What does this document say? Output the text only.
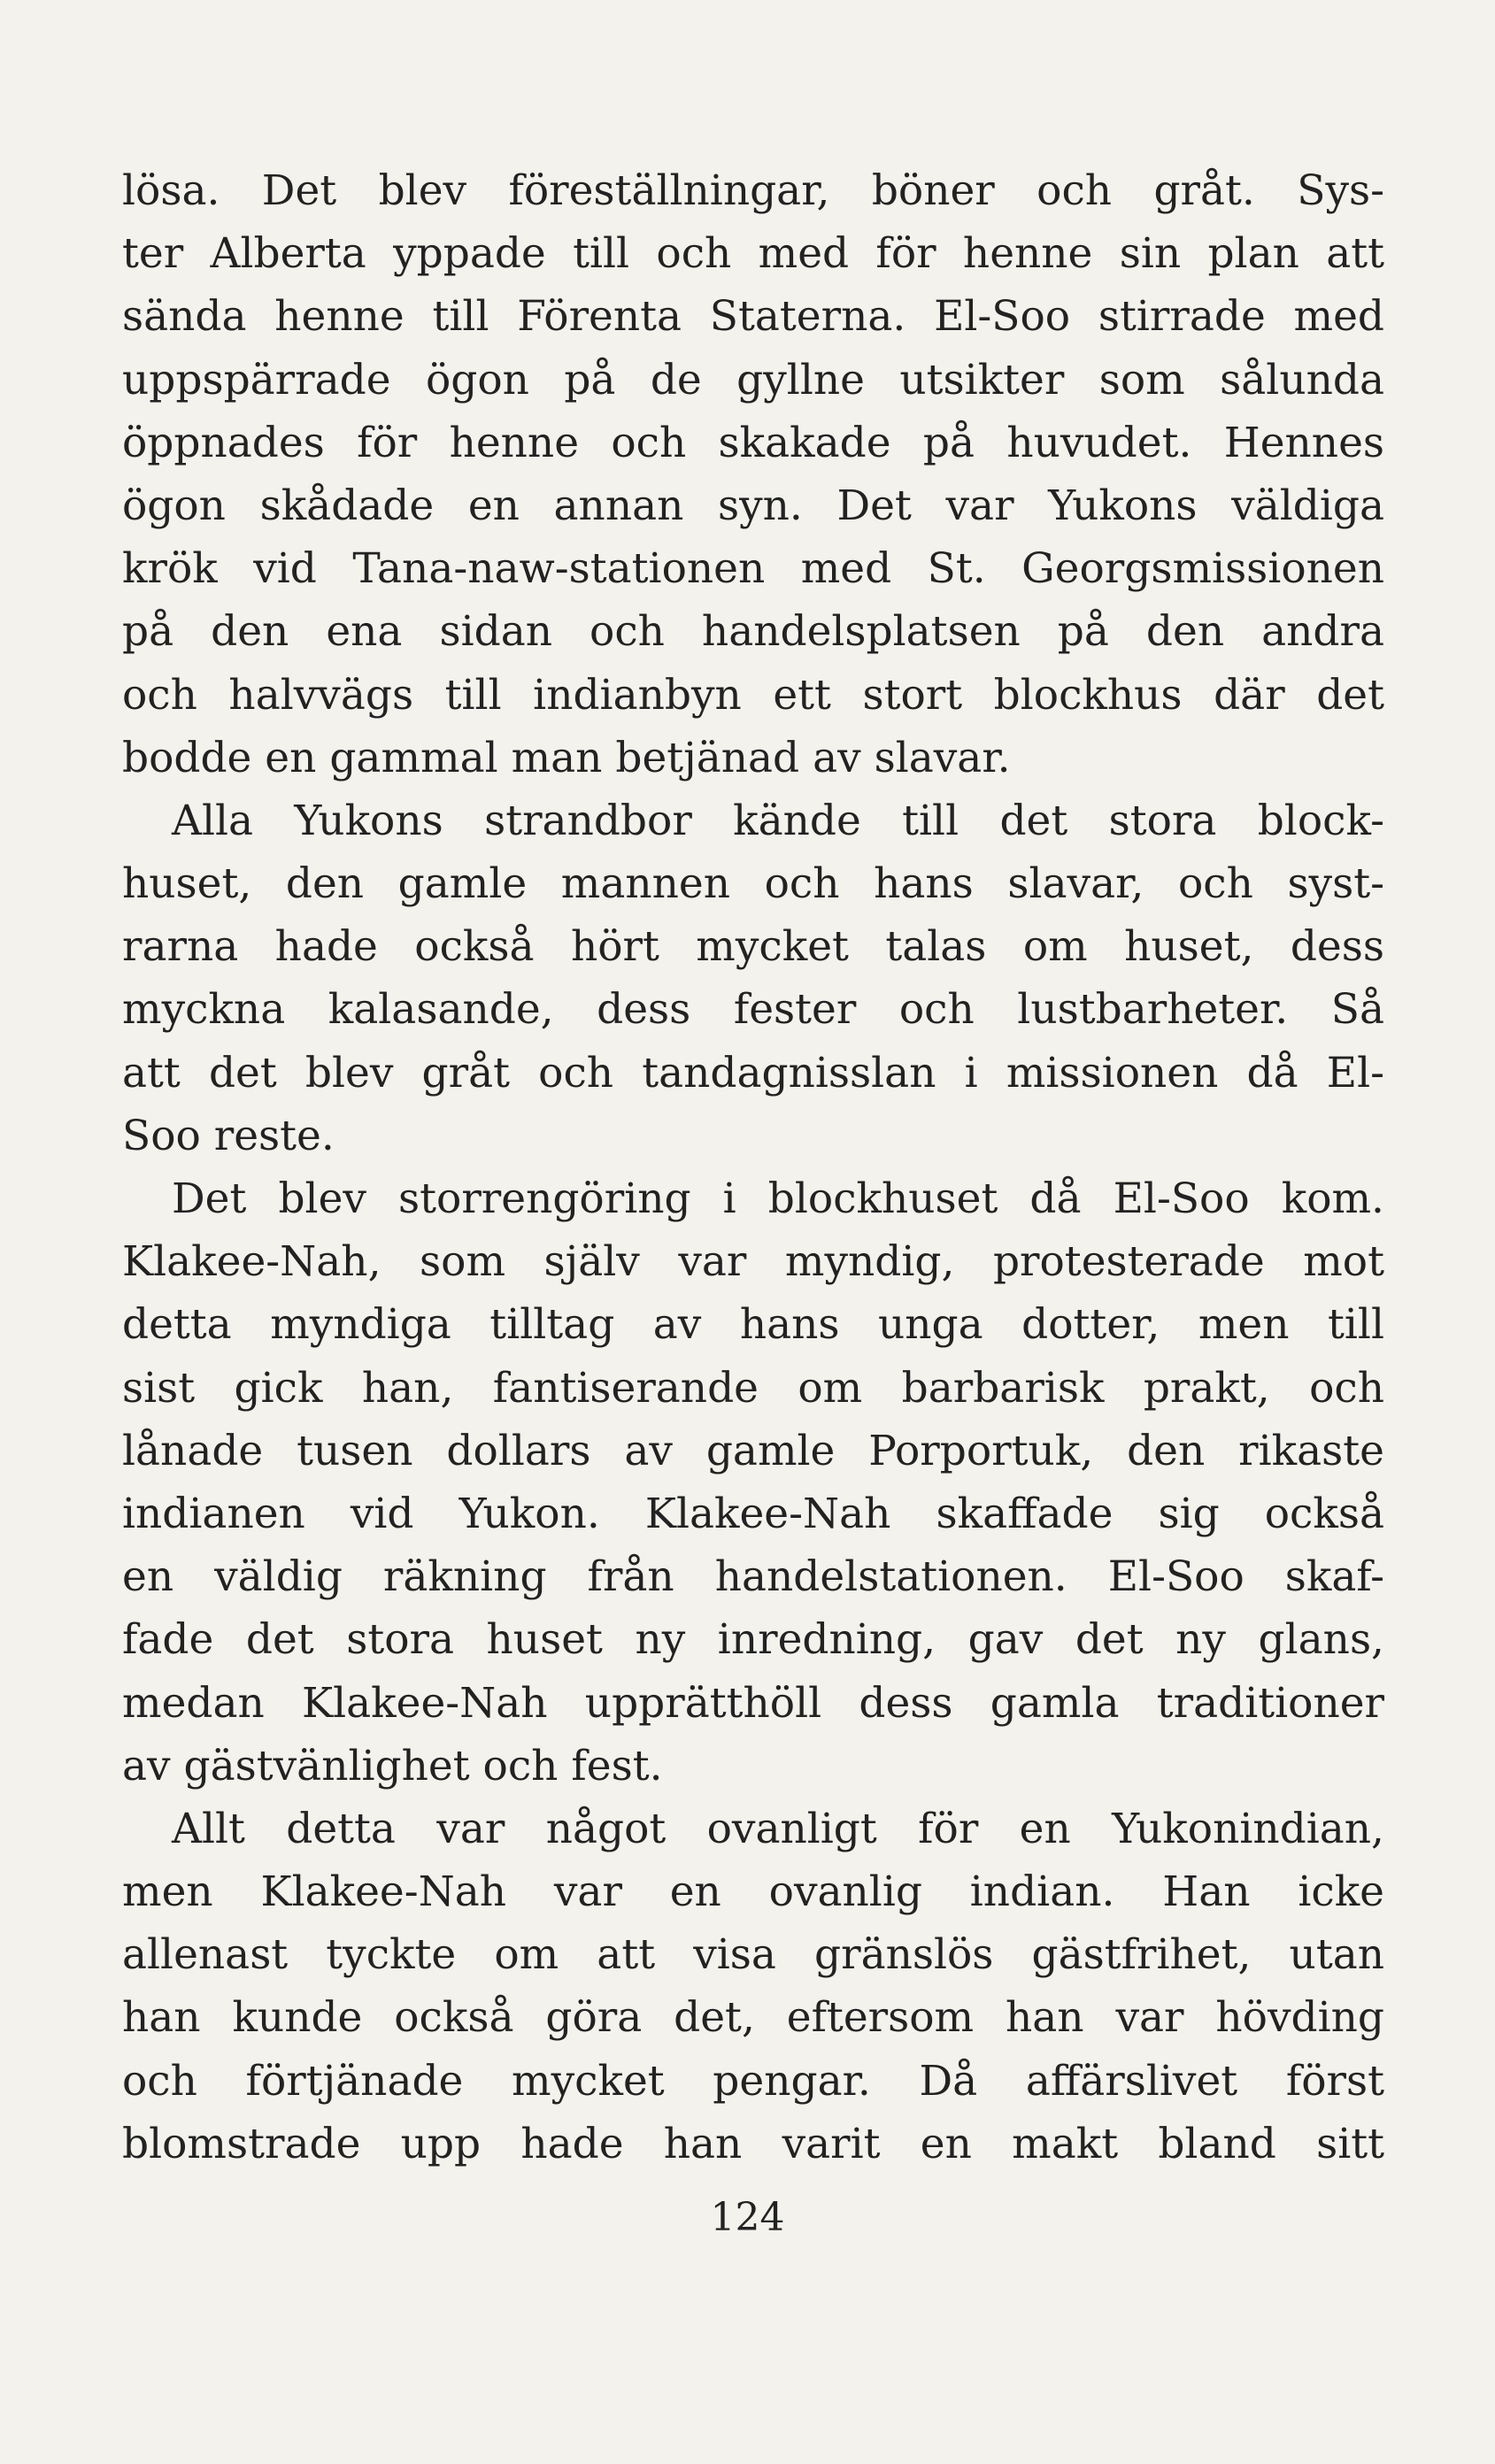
lösa. Det blev föreställningar, böner och gråt. Sys-
ter Alberta yppade till och med för henne sin plan att
sända henne till Förenta Staterna. El-Soo stirrade med
uppspärrade ögon på de gyllne utsikter som sålunda
öppnades för henne och skakade på huvudet. Hennes
ögon skådade en annan syn. Det var Yukons väldiga
krök vid Tana-naw-stationen med St. Georgsmissionen
på den ena sidan och handelsplatsen på den andra
och halvvägs till indianbyn ett stort blockhus där det
bodde en gammal man betjänad av slavar.
Alla Yukons strandbor kände till det stora block-
huset, den gamle mannen och hans slavar, och syst-
rarna hade också hört mycket talas om huset, dess
myckna kalasande, dess fester och lustbarheter. Så
att det blev gråt och tandagnisslan i missionen då El-
Soo reste.
Det blev storrengöring i blockhuset då El-Soo kom.
Klakee-Nah, som själv var myndig, protesterade mot
detta myndiga tilltag av hans unga dotter, men till
sist gick han, fantiserande om barbarisk prakt, och
lånade tusen dollars av gamle Porportuk, den rikaste
indianen vid Yukon. Klakee-Nah skaffade sig också
en väldig räkning från handelstationen. El-Soo skaf-
fade det stora huset ny inredning, gav det ny glans,
medan Klakee-Nah upprätthöll dess gamla traditioner
av gästvänlighet och fest.
Allt detta var något ovanligt för en Yukonindian,
men Klakee-Nah var en ovanlig indian. Han icke
allenast tyckte om att visa gränslös gästfrihet, utan
han kunde också göra det, eftersom han var hövding
och förtjänade mycket pengar. Då affärslivet först
blomstrade upp hade han varit en makt bland sitt
124
